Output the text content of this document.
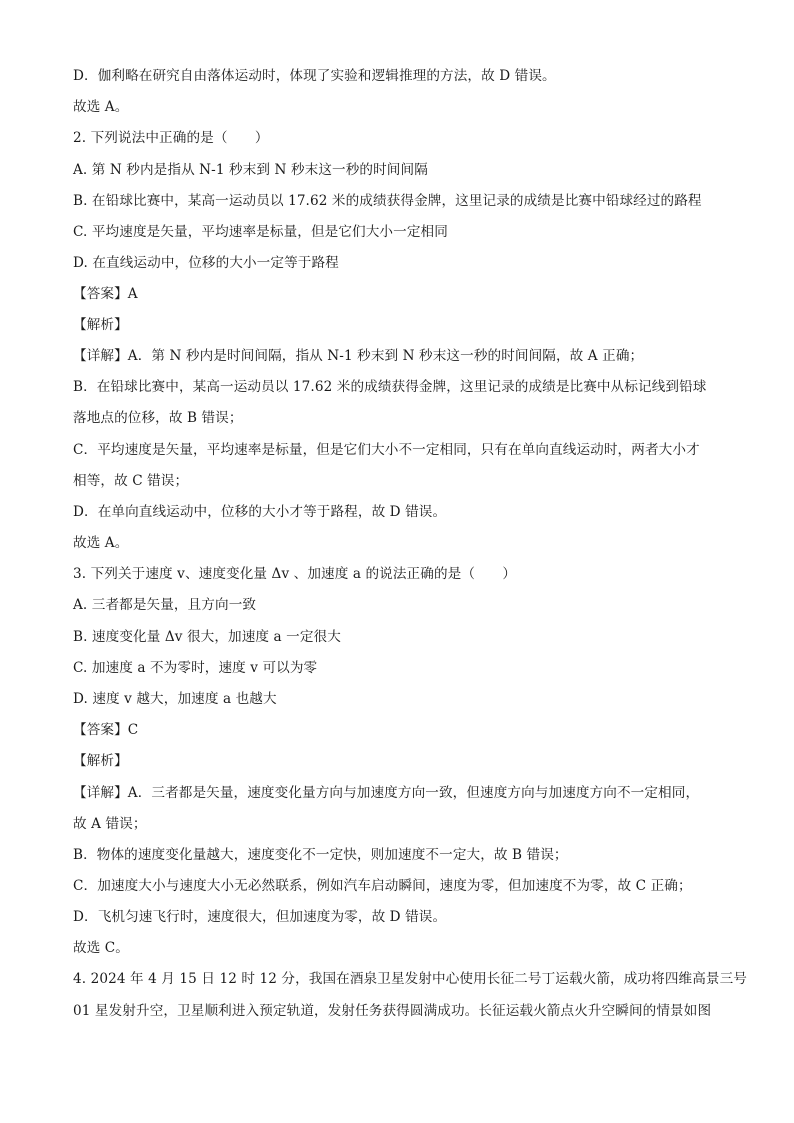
D．伽利略在研究自由落体运动时，体现了实验和逻辑推理的方法，故 D 错误。
故选 A。
2. 下列说法中正确的是（　　）
A. 第 N 秒内是指从 N-1 秒末到 N 秒末这一秒的时间间隔
B. 在铅球比赛中，某高一运动员以 17.62 米的成绩获得金牌，这里记录的成绩是比赛中铅球经过的路程
C. 平均速度是矢量，平均速率是标量，但是它们大小一定相同
D. 在直线运动中，位移的大小一定等于路程
【答案】A
【解析】
【详解】A．第 N 秒内是时间间隔，指从 N-1 秒末到 N 秒末这一秒的时间间隔，故 A 正确；
B．在铅球比赛中，某高一运动员以 17.62 米的成绩获得金牌，这里记录的成绩是比赛中从标记线到铅球
落地点的位移，故 B 错误；
C．平均速度是矢量，平均速率是标量，但是它们大小不一定相同，只有在单向直线运动时，两者大小才
相等，故 C 错误；
D．在单向直线运动中，位移的大小才等于路程，故 D 错误。
故选 A。
3. 下列关于速度 v、速度变化量 Δv 、加速度 a 的说法正确的是（　　）
A. 三者都是矢量，且方向一致
B. 速度变化量 Δv 很大，加速度 a 一定很大
C. 加速度 a 不为零时，速度 v 可以为零
D. 速度 v 越大，加速度 a 也越大
【答案】C
【解析】
【详解】A．三者都是矢量，速度变化量方向与加速度方向一致，但速度方向与加速度方向不一定相同，
故 A 错误；
B．物体的速度变化量越大，速度变化不一定快，则加速度不一定大，故 B 错误；
C．加速度大小与速度大小无必然联系，例如汽车启动瞬间，速度为零，但加速度不为零，故 C 正确；
D．飞机匀速飞行时，速度很大，但加速度为零，故 D 错误。
故选 C。
4. 2024 年 4 月 15 日 12 时 12 分，我国在酒泉卫星发射中心使用长征二号丁运载火箭，成功将四维高景三号
01 星发射升空，卫星顺利进入预定轨道，发射任务获得圆满成功。长征运载火箭点火升空瞬间的情景如图
